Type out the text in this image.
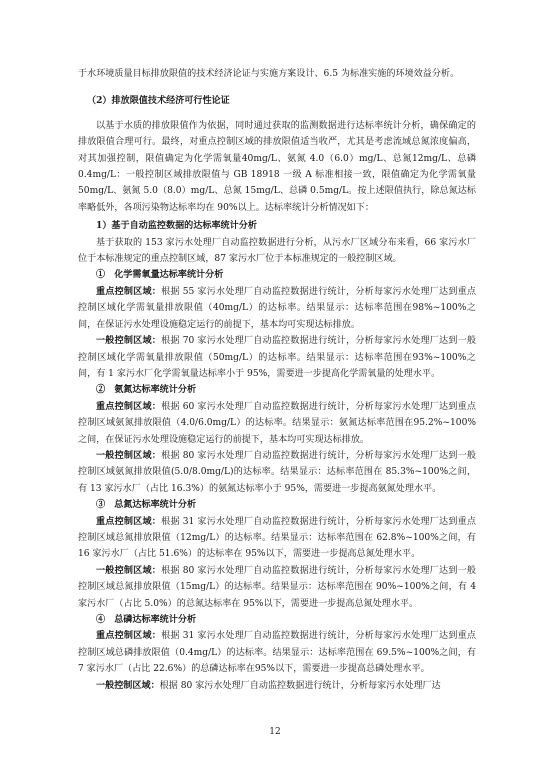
于水环境质量目标排放限值的技术经济论证与实施方案设计、6.5 为标准实施的环境效益分析。

（2）排放限值技术经济可行性论证

以基于水质的排放限值作为依据，同时通过获取的监测数据进行达标率统计分析，确保确定的排放限值合理可行。最终，对重点控制区域的排放限值适当收严，尤其是考虑流域总氮浓度偏高，对其加强控制，限值确定为化学需氧量40mg/L、氨氮 4.0（6.0）mg/L、总氮12mg/L、总磷 0.4mg/L：一般控制区域排放限值与 GB 18918 一级 A 标准相接一致，限值确定为化学需氧量 50mg/L、氨氮 5.0（8.0）mg/L、总氮 15mg/L、总磷 0.5mg/L。按上述限值执行，除总氮达标率略低外，各项污染物达标率均在 90%以上。达标率统计分析情况如下：

1）基于自动监控数据的达标率统计分析

基于获取的 153 家污水处理厂自动监控数据进行分析，从污水厂区域分布来看，66 家污水厂位于本标准规定的重点控制区域，87 家污水厂位于本标准规定的一般控制区域。

①　化学需氧量达标率统计分析

重点控制区域：根据 55 家污水处理厂自动监控数据进行统计，分析每家污水处理厂达到重点控制区域化学需氧量排放限值（40mg/L）的达标率。结果显示：达标率范围在98%~100%之间，在保证污水处理设施稳定运行的前提下，基本均可实现达标排放。

一般控制区域：根据 70 家污水处理厂自动监控数据进行统计，分析每家污水处理厂达到一般控制区域化学需氧量排放限值（50mg/L）的达标率。结果显示：达标率范围在93%~100%之间，有 1 家污水厂化学需氧量达标率小于 95%，需要进一步提高化学需氧量的处理水平。

②　氨氮达标率统计分析

重点控制区域：根据 60 家污水处理厂自动监控数据进行统计，分析每家污水处理厂达到重点控制区域氨氮排放限值（4.0/6.0mg/L）的达标率。结果显示：氨氮达标率范围在95.2%~100%之间，在保证污水处理设施稳定运行的前提下，基本均可实现达标排放。

一般控制区域：根据 80 家污水处理厂自动监控数据进行统计，分析每家污水处理厂达到一般控制区域氨氮排放限值(5.0/8.0mg/L)的达标率。结果显示：达标率范围在 85.3%~100%之间，有 13 家污水厂（占比 16.3%）的氨氮达标率小于 95%，需要进一步提高氨氮处理水平。

③　总氮达标率统计分析

重点控制区域：根据 31 家污水处理厂自动监控数据进行统计，分析每家污水处理厂达到重点控制区域总氮排放限值（12mg/L）的达标率。结果显示：达标率范围在 62.8%~100%之间，有 16 家污水厂（占比 51.6%）的达标率在 95%以下，需要进一步提高总氮处理水平。

一般控制区域：根据 80 家污水处理厂自动监控数据进行统计，分析每家污水处理厂达到一般控制区域总氮排放限值（15mg/L）的达标率。结果显示：达标率范围在 90%~100%之间，有 4 家污水厂（占比 5.0%）的总氮达标率在 95%以下，需要进一步提高总氮处理水平。

④　总磷达标率统计分析

重点控制区域：根据 31 家污水处理厂自动监控数据进行统计，分析每家污水处理厂达到重点控制区域总磷排放限值（0.4mg/L）的达标率。结果显示：达标率范围在 69.5%~100%之间，有 7 家污水厂（占比 22.6%）的总磷达标率在95%以下，需要进一步提高总磷处理水平。

一般控制区域：根据 80 家污水处理厂自动监控数据进行统计，分析每家污水处理厂达

12
